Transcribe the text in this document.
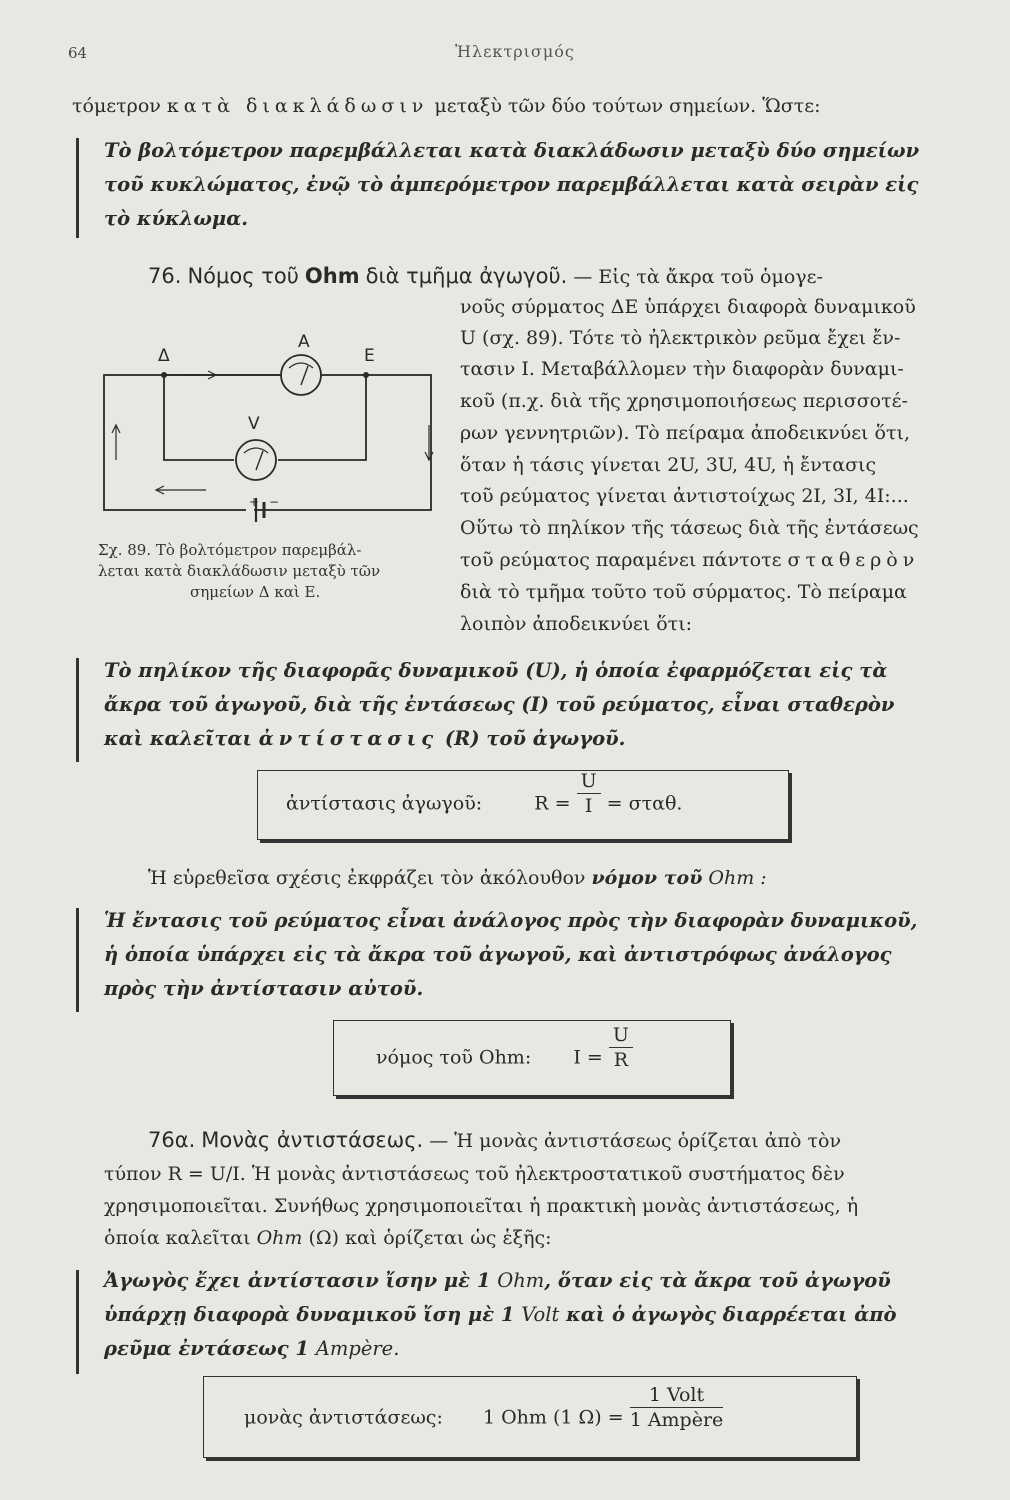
64	Ἠλεκτρισμός
τόμετρον κατὰ διακλάδωσιν μεταξὺ τῶν δύο τούτων σημείων. Ὥστε:
Τὸ βολτόμετρον παρεμβάλλεται κατὰ διακλάδωσιν μεταξὺ δύο σημείων
τοῦ κυκλώματος, ἐνῷ τὸ ἀμπερόμετρον παρεμβάλλεται κατὰ σειρὰν εἰς
τὸ κύκλωμα.
76. Νόμος τοῦ Ohm διὰ τμῆμα ἀγωγοῦ. — Εἰς τὰ ἄκρα τοῦ ὁμογε-
νοῦς σύρματος ΔΕ ὑπάρχει διαφορὰ δυναμικοῦ
U (σχ. 89). Τότε τὸ ἠλεκτρικὸν ρεῦμα ἔχει ἔν-
τασιν I. Μεταβάλλομεν τὴν διαφορὰν δυναμι-
κοῦ (π.χ. διὰ τῆς χρησιμοποιήσεως περισσοτέ-
ρων γεννητριῶν). Τὸ πείραμα ἀποδεικνύει ὅτι,
ὅταν ἡ τάσις γίνεται 2U, 3U, 4U, ἡ ἔντασις
τοῦ ρεύματος γίνεται ἀντιστοίχως 2I, 3I, 4I:...
Οὕτω τὸ πηλίκον τῆς τάσεως διὰ τῆς ἐντάσεως
τοῦ ρεύματος παραμένει πάντοτε σταθερὸν
διὰ τὸ τμῆμα τοῦτο τοῦ σύρματος. Τὸ πείραμα
λοιπὸν ἀποδεικνύει ὅτι:
+ −
A
V
Δ	E
Σχ. 89. Τὸ βολτόμετρον παρεμβάλ-
λεται κατὰ διακλάδωσιν μεταξὺ τῶν
σημείων Δ καὶ E.
Τὸ πηλίκον τῆς διαφορᾶς δυναμικοῦ (U), ἡ ὁποία ἐφαρμόζεται εἰς τὰ
ἄκρα τοῦ ἀγωγοῦ, διὰ τῆς ἐντάσεως (I) τοῦ ρεύματος, εἶναι σταθερὸν
καὶ καλεῖται ἀντίστασις (R) τοῦ ἀγωγοῦ.
ἀντίστασις ἀγωγοῦ:	$R = \frac{U}{I} = \sigma\tau\alpha\theta$.
Ἡ εὑρεθεῖσα σχέσις ἐκφράζει τὸν ἀκόλουθον νόμον τοῦ Ohm :
Ἡ ἔντασις τοῦ ρεύματος εἶναι ἀνάλογος πρὸς τὴν διαφορὰν δυναμικοῦ,
ἡ ὁποία ὑπάρχει εἰς τὰ ἄκρα τοῦ ἀγωγοῦ, καὶ ἀντιστρόφως ἀνάλογος
πρὸς τὴν ἀντίστασιν αὐτοῦ.
νόμος τοῦ Ohm: $I = \frac{U}{R}$
76α. Μονὰς ἀντιστάσεως. — Ἡ μονὰς ἀντιστάσεως ὁρίζεται ἀπὸ τὸν
τύπον R = U/I. Ἡ μονὰς ἀντιστάσεως τοῦ ἠλεκτροστατικοῦ συστήματος δὲν
χρησιμοποιεῖται. Συνήθως χρησιμοποιεῖται ἡ πρακτικὴ μονὰς ἀντιστάσεως, ἡ
ὁποία καλεῖται Ohm (Ω) καὶ ὁρίζεται ὡς ἑξῆς:
Ἀγωγὸς ἔχει ἀντίστασιν ἴσην μὲ 1 Ohm, ὅταν εἰς τὰ ἄκρα τοῦ ἀγωγοῦ
ὑπάρχῃ διαφορὰ δυναμικοῦ ἴση μὲ 1 Volt καὶ ὁ ἀγωγὸς διαρρέεται ἀπὸ
ρεῦμα ἐντάσεως 1 Ampère.
μονὰς ἀντιστάσεως: 1 Ohm (1 $\Omega) = \frac{\text{1 Volt}}{\text{1 Ampère}}$
